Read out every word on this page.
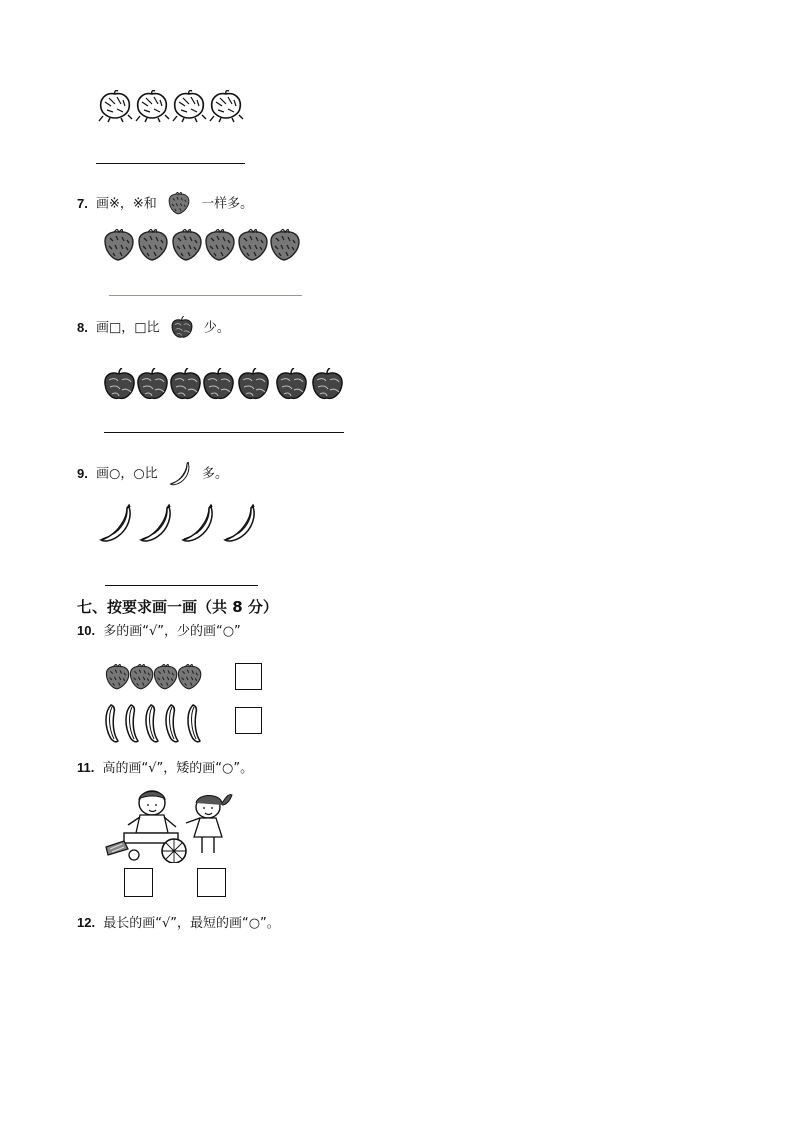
7. 画※，※和	一样多。
8. 画□，□比	少。
9. 画○，○比	多。
七、按要求画一画（共 8 分）
10. 多的画“√”，少的画“○”
11. 高的画“√”，矮的画“○”。
12. 最长的画“√”，最短的画“○”。
